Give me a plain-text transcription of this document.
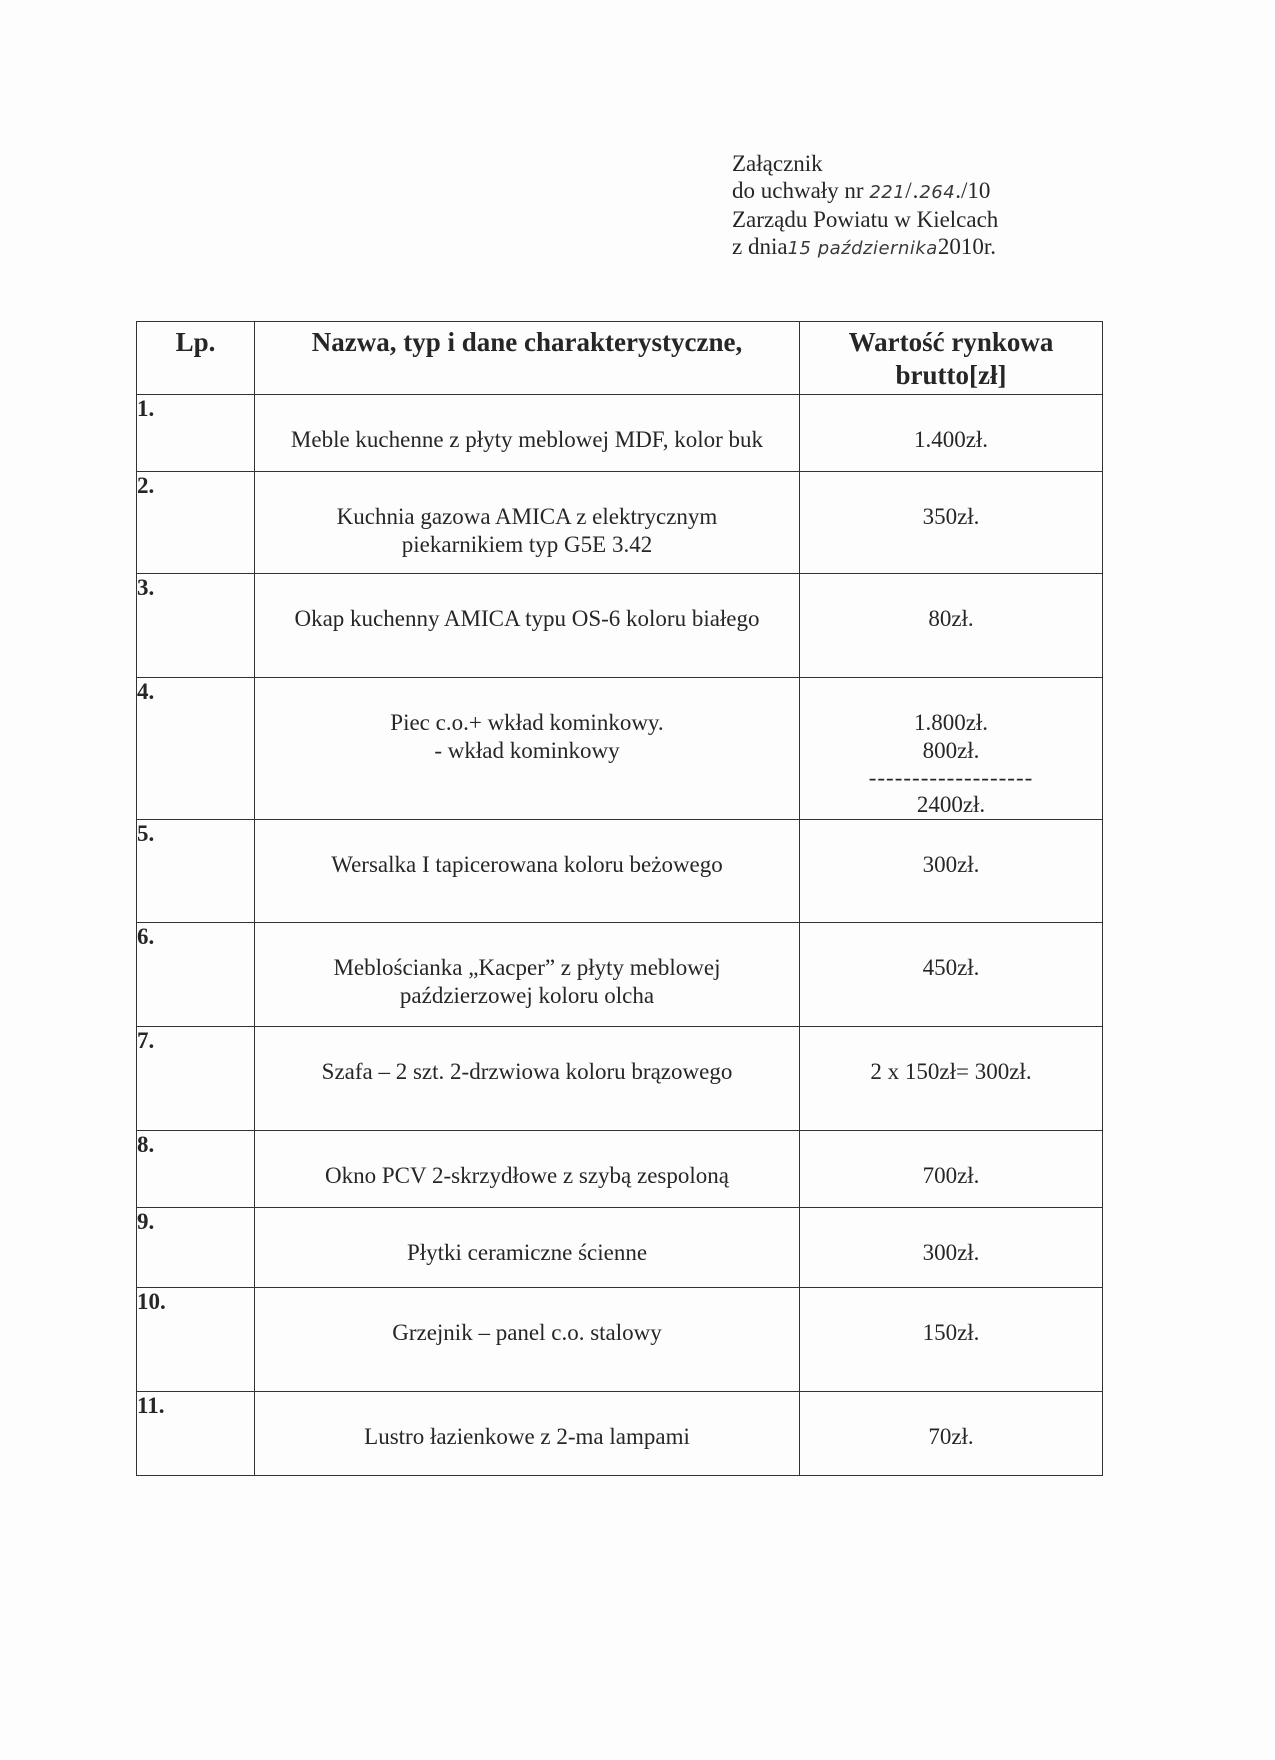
Załącznik
do uchwały nr 221/.264./10
Zarządu Powiatu w Kielcach
z dnia15 października2010r.
Lp.	Nazwa, typ i dane charakterystyczne,	Wartość rynkowa
brutto[zł]

1.	Meble kuchenne z płyty meblowej MDF, kolor buk	1.400zł.

2.	Kuchnia gazowa AMICA z elektrycznym
piekarnikiem typ G5E 3.42	350zł.

3.	Okap kuchenny AMICA typu OS-6 koloru białego	80zł.

4.	Piec c.o.+ wkład kominkowy.
- wkład kominkowy	1.800zł.
800zł.
-------------------
2400zł.

5.	Wersalka I tapicerowana koloru beżowego	300zł.

6.	Meblościanka „Kacper” z płyty meblowej
paździerzowej koloru olcha	450zł.

7.	Szafa – 2 szt. 2-drzwiowa koloru brązowego	2 x 150zł= 300zł.

8.	Okno PCV 2-skrzydłowe z szybą zespoloną	700zł.

9.	Płytki ceramiczne ścienne	300zł.

10.	Grzejnik – panel c.o. stalowy	150zł.

11.	Lustro łazienkowe z 2-ma lampami	70zł.
